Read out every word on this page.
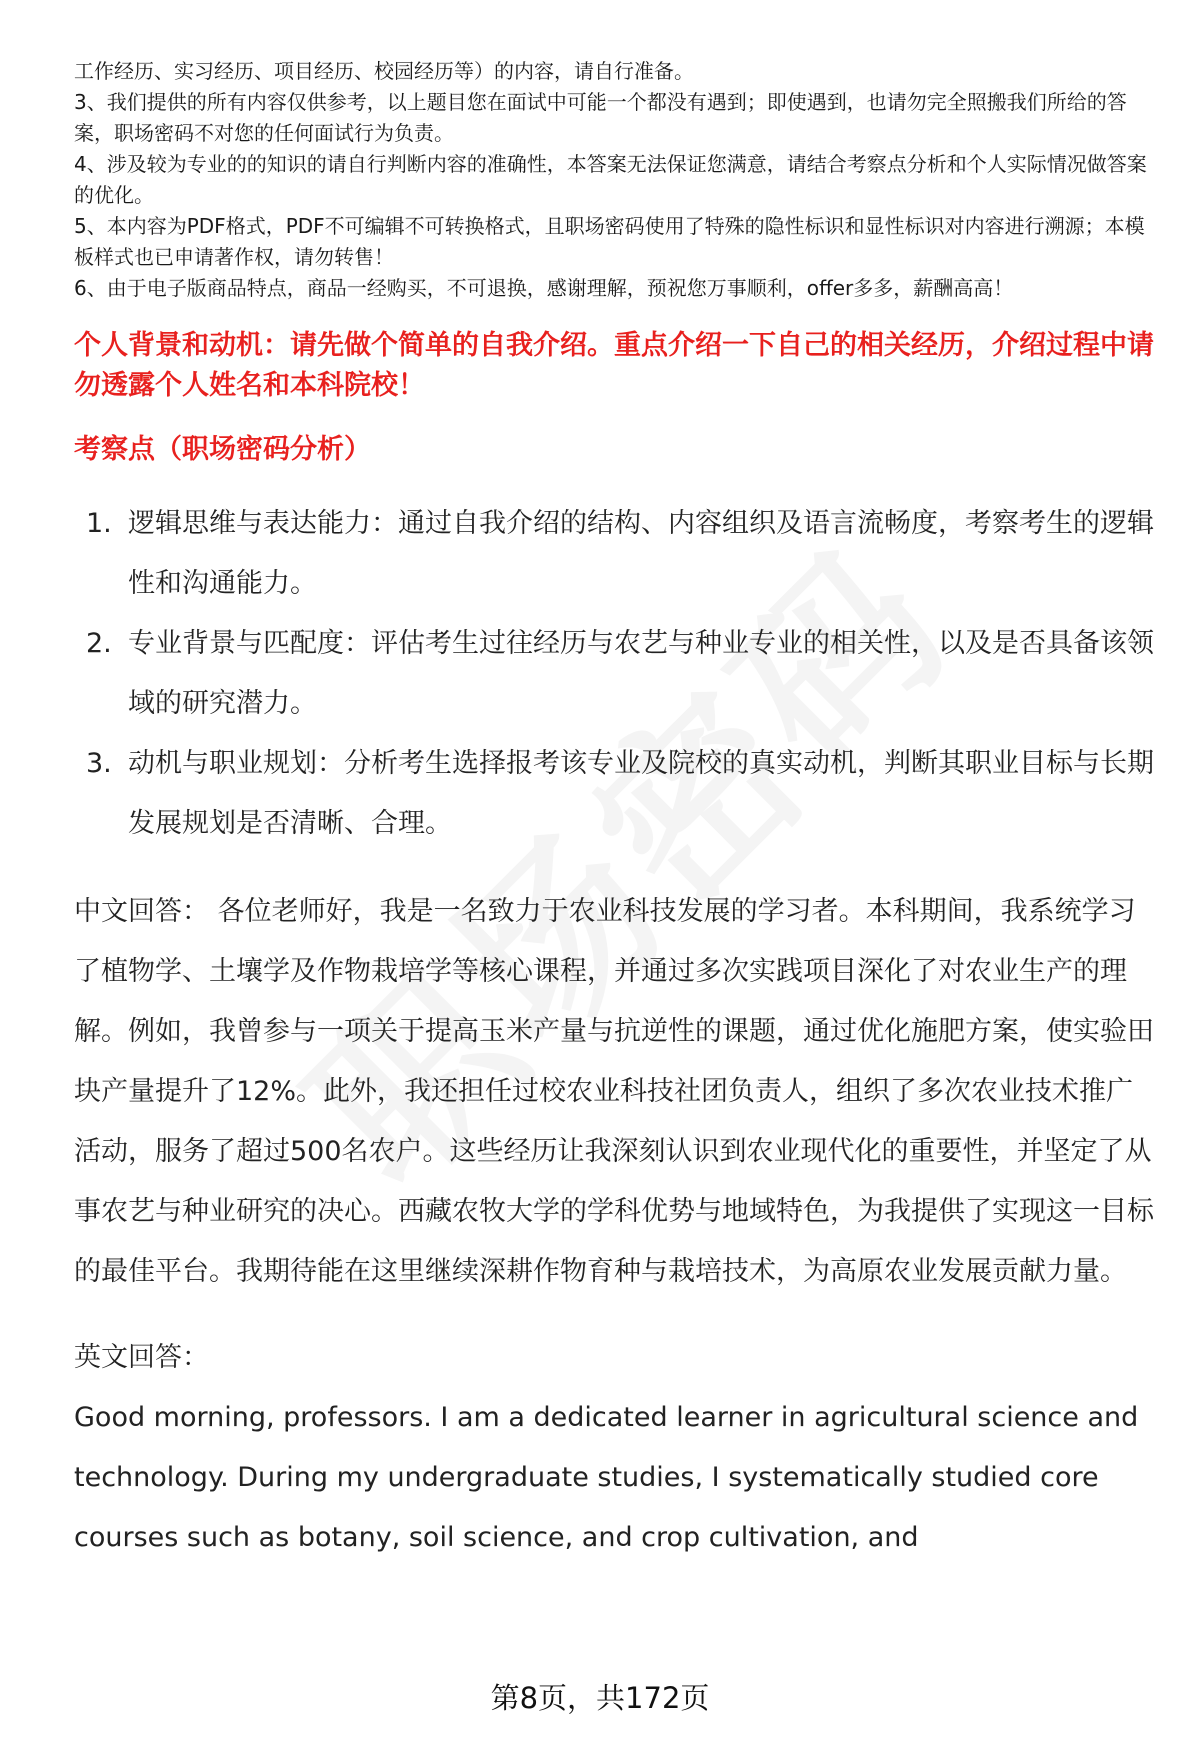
工作经历、实习经历、项目经历、校园经历等）的内容，请自行准备。

3、我们提供的所有内容仅供参考，以上题目您在面试中可能一个都没有遇到；即使遇到，也请勿完全照搬我们所给的答案，职场密码不对您的任何面试行为负责。

4、涉及较为专业的的知识的请自行判断内容的准确性，本答案无法保证您满意，请结合考察点分析和个人实际情况做答案的优化。

5、本内容为PDF格式，PDF不可编辑不可转换格式，且职场密码使用了特殊的隐性标识和显性标识对内容进行溯源；本模板样式也已申请著作权，请勿转售！

6、由于电子版商品特点，商品一经购买，不可退换，感谢理解，预祝您万事顺利，offer多多，薪酬高高！

个人背景和动机：请先做个简单的自我介绍。重点介绍一下自己的相关经历，介绍过程中请勿透露个人姓名和本科院校！
考察点（职场密码分析）
1. 逻辑思维与表达能力：通过自我介绍的结构、内容组织及语言流畅度，考察考生的逻辑性和沟通能力。
2. 专业背景与匹配度：评估考生过往经历与农艺与种业专业的相关性，以及是否具备该领域的研究潜力。
3. 动机与职业规划：分析考生选择报考该专业及院校的真实动机，判断其职业目标与长期发展规划是否清晰、合理。

中文回答： 各位老师好，我是一名致力于农业科技发展的学习者。本科期间，我系统学习了植物学、土壤学及作物栽培学等核心课程，并通过多次实践项目深化了对农业生产的理解。例如，我曾参与一项关于提高玉米产量与抗逆性的课题，通过优化施肥方案，使实验田块产量提升了12%。此外，我还担任过校农业科技社团负责人，组织了多次农业技术推广活动，服务了超过500名农户。这些经历让我深刻认识到农业现代化的重要性，并坚定了从事农艺与种业研究的决心。西藏农牧大学的学科优势与地域特色，为我提供了实现这一目标的最佳平台。我期待能在这里继续深耕作物育种与栽培技术，为高原农业发展贡献力量。

英文回答：
Good morning, professors. I am a dedicated learner in agricultural science and technology. During my undergraduate studies, I systematically studied core courses such as botany, soil science, and crop cultivation, and
第8页，共172页
